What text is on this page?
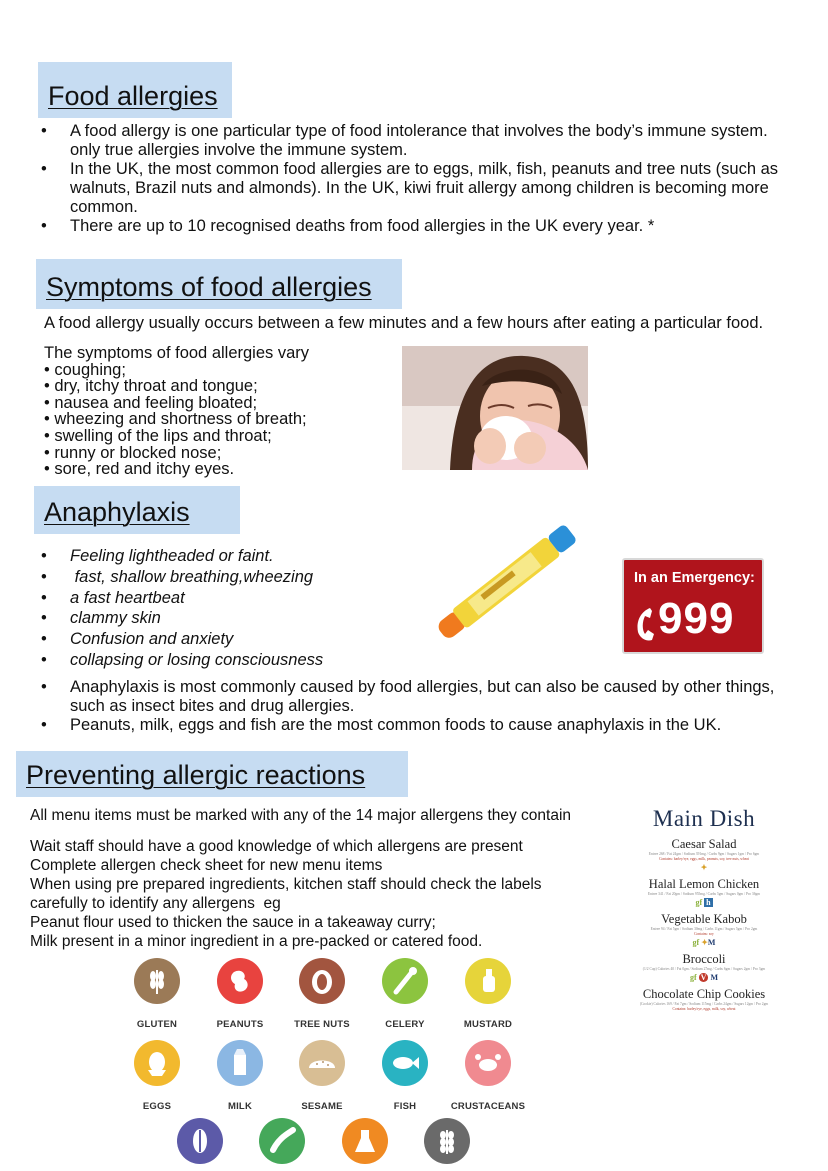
Food allergies
• A food allergy is one particular type of food intolerance that involves the body’s immune system. only true allergies involve the immune system.
• In the UK, the most common food allergies are to eggs, milk, fish, peanuts and tree nuts (such as walnuts, Brazil nuts and almonds). In the UK, kiwi fruit allergy among children is becoming more common.
• There are up to 10 recognised deaths from food allergies in the UK every year. *
Symptoms of food allergies
A food allergy usually occurs between a few minutes and a few hours after eating a particular food.
The symptoms of food allergies vary
• coughing;
• dry, itchy throat and tongue;
• nausea and feeling bloated;
• wheezing and shortness of breath;
• swelling of the lips and throat;
• runny or blocked nose;
• sore, red and itchy eyes.
Anaphylaxis
• Feeling lightheaded or faint.
•  fast, shallow breathing,wheezing
• a fast heartbeat
• clammy skin
• Confusion and anxiety
• collapsing or losing consciousness
In an Emergency:
999
• Anaphylaxis is most commonly caused by food allergies, but can also be caused by other things, such as insect bites and drug allergies.
• Peanuts, milk, eggs and fish are the most common foods to cause anaphylaxis in the UK.
Preventing allergic reactions
All menu items must be marked with any of the 14 major allergens they contain
Wait staff should have a good knowledge of which allergens are present
Complete allergen check sheet for new menu items
When using pre prepared ingredients, kitchen staff should check the labels
carefully to identify any allergens  eg
Peanut flour used to thicken the sauce in a takeaway curry;
Milk present in a minor ingredient in a pre-packed or catered food.
Main Dish
Caesar Salad
Entree 268 / Fat 24gm / Sodium 391mg / Carbs 9gm / Sugars 1gm / Pro 6gm
Contains: barley/rye, eggs, milk, peanuts, soy, tree nuts, wheat
✦
Halal Lemon Chicken
Entree 341 / Fat 20gm / Sodium 955mg / Carbs 5gm / Sugars 0gm / Pro 36gm
gf h
Vegetable Kabob
Entree 94 / Fat 5gm / Sodium 30mg / Carbs 11gm / Sugars 5gm / Pro 2gm
Contains: soy
gf ✦M
Broccoli
(1/2 Cup) Calories 40 / Fat 0gm / Sodium 27mg / Carbs 6gm / Sugars 2gm / Pro 3gm
gf V M
Chocolate Chip Cookies
(Cookie) Calories 169 / Fat 7gm / Sodium 115mg / Carbs 24gm / Sugars 12gm / Pro 2gm
Contains: barley/rye, eggs, milk, soy, wheat
GLUTEN	PEANUTS	TREE NUTS	CELERY	MUSTARD
EGGS	MILK	SESAME	FISH	CRUSTACEANS
